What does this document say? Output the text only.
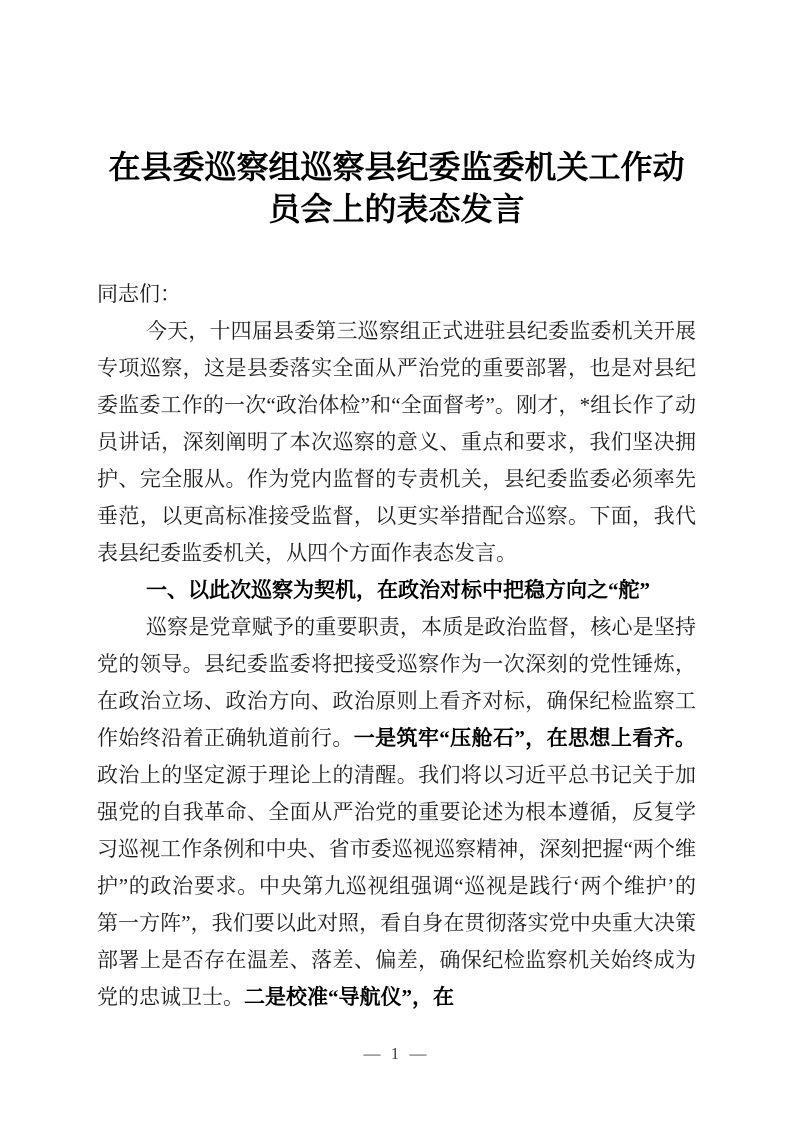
在县委巡察组巡察县纪委监委机关工作动员会上的表态发言

同志们：

今天，十四届县委第三巡察组正式进驻县纪委监委机关开展专项巡察，这是县委落实全面从严治党的重要部署，也是对县纪委监委工作的一次“政治体检”和“全面督考”。刚才，*组长作了动员讲话，深刻阐明了本次巡察的意义、重点和要求，我们坚决拥护、完全服从。作为党内监督的专责机关，县纪委监委必须率先垂范，以更高标准接受监督，以更实举措配合巡察。下面，我代表县纪委监委机关，从四个方面作表态发言。

一、以此次巡察为契机，在政治对标中把稳方向之“舵”

巡察是党章赋予的重要职责，本质是政治监督，核心是坚持党的领导。县纪委监委将把接受巡察作为一次深刻的党性锤炼，在政治立场、政治方向、政治原则上看齐对标，确保纪检监察工作始终沿着正确轨道前行。一是筑牢“压舱石”，在思想上看齐。政治上的坚定源于理论上的清醒。我们将以习近平总书记关于加强党的自我革命、全面从严治党的重要论述为根本遵循，反复学习巡视工作条例和中央、省市委巡视巡察精神，深刻把握“两个维护”的政治要求。中央第九巡视组强调“巡视是践行‘两个维护’的第一方阵”，我们要以此对照，看自身在贯彻落实党中央重大决策部署上是否存在温差、落差、偏差，确保纪检监察机关始终成为党的忠诚卫士。二是校准“导航仪”，在

— 1 —
